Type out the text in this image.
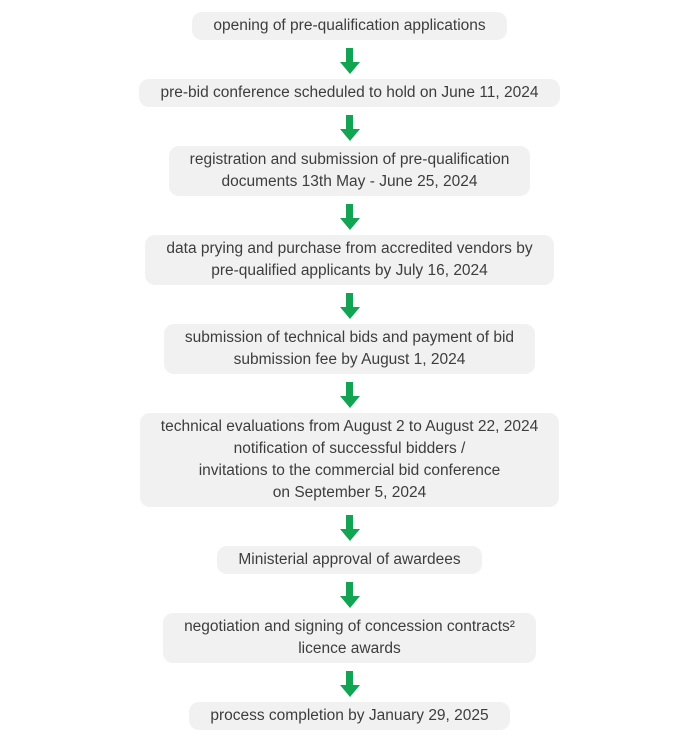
opening of pre-qualification applications
pre-bid conference scheduled to hold on June 11, 2024
registration and submission of pre-qualification
documents 13th May - June 25, 2024
data prying and purchase from accredited vendors by
pre-qualified applicants by July 16, 2024
submission of technical bids and payment of bid
submission fee by August 1, 2024
technical evaluations from August 2 to August 22, 2024
notification of successful bidders /
invitations to the commercial bid conference
on September 5, 2024
Ministerial approval of awardees
negotiation and signing of concession contracts²
licence awards
process completion by January 29, 2025
